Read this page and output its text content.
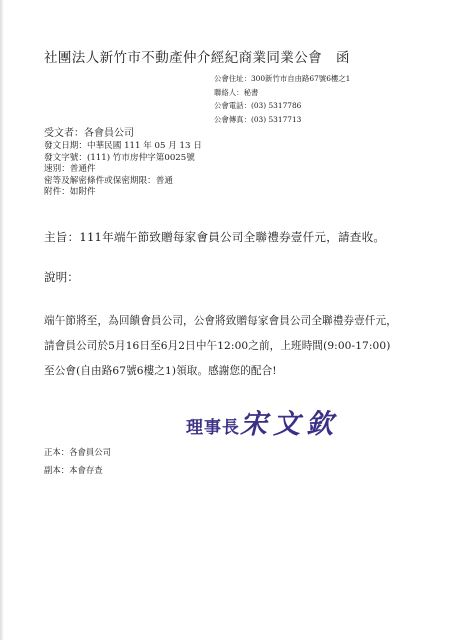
社團法人新竹市不動產仲介經紀商業同業公會 函
公會住址：300新竹市自由路67號6樓之1
聯絡人：秘書
公會電話：(03) 5317786
公會傳真：(03) 5317713
受文者：各會員公司
發文日期：中華民國 111 年 05 月 13 日
發文字號：(111) 竹市房仲字第0025號
速別：普通件
密等及解密條件或保密期限：普通
附件：如附件
主旨：111年端午節致贈每家會員公司全聯禮券壹仟元，請查收。
說明：
端午節將至，為回饋會員公司，公會將致贈每家會員公司全聯禮券壹仟元，
請會員公司於5月16日至6月2日中午12:00之前，上班時間(9:00-17:00)
至公會(自由路67號6樓之1)領取。感謝您的配合!
理事長宋文欽
正本：各會員公司
副本：本會存查
